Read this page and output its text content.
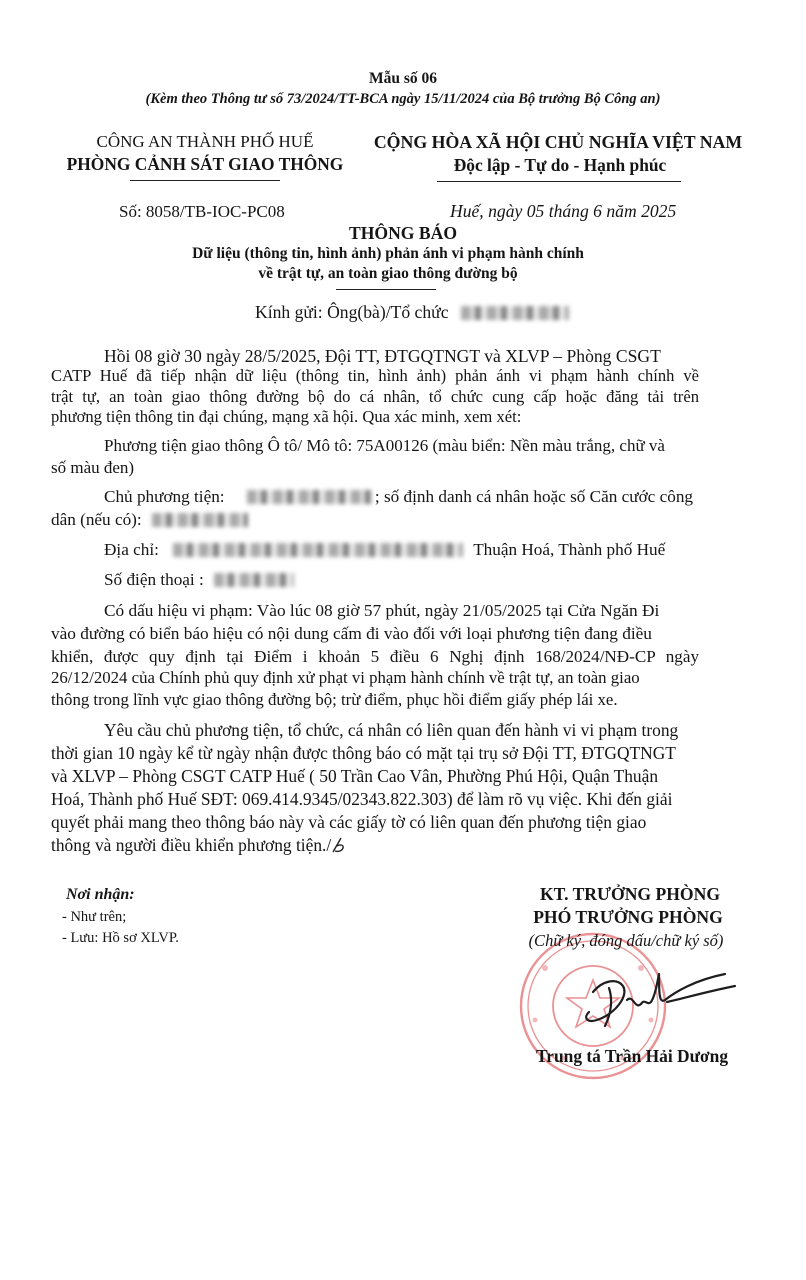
Mẫu số 06
(Kèm theo Thông tư số 73/2024/TT-BCA ngày 15/11/2024 của Bộ trưởng Bộ Công an)
CÔNG AN THÀNH PHỐ HUẾ
PHÒNG CẢNH SÁT GIAO THÔNG
CỘNG HÒA XÃ HỘI CHỦ NGHĨA VIỆT NAM
Độc lập - Tự do - Hạnh phúc
Số: 8058/TB-IOC-PC08	Huế, ngày 05 tháng 6 năm 2025
THÔNG BÁO
Dữ liệu (thông tin, hình ảnh) phản ánh vi phạm hành chính
về trật tự, an toàn giao thông đường bộ
Kính gửi: Ông(bà)/Tổ chức
Hồi 08 giờ 30 ngày 28/5/2025, Đội TT, ĐTGQTNGT và XLVP – Phòng CSGT
CATP Huế đã tiếp nhận dữ liệu (thông tin, hình ảnh) phản ánh vi phạm hành chính về
trật tự, an toàn giao thông đường bộ do cá nhân, tổ chức cung cấp hoặc đăng tải trên
phương tiện thông tin đại chúng, mạng xã hội. Qua xác minh, xem xét:
Phương tiện giao thông Ô tô/ Mô tô: 75A00126 (màu biển: Nền màu trắng, chữ và
số màu đen)
Chủ phương tiện:	; số định danh cá nhân hoặc số Căn cước công
dân (nếu có):
Địa chỉ:	Thuận Hoá, Thành phố Huế
Số điện thoại :
Có dấu hiệu vi phạm: Vào lúc 08 giờ 57 phút, ngày 21/05/2025 tại Cửa Ngăn Đi
vào đường có biển báo hiệu có nội dung cấm đi vào đối với loại phương tiện đang điều
khiển, được quy định tại Điểm i khoản 5 điều 6 Nghị định 168/2024/NĐ-CP ngày
26/12/2024 của Chính phủ quy định xử phạt vi phạm hành chính về trật tự, an toàn giao
thông trong lĩnh vực giao thông đường bộ; trừ điểm, phục hồi điểm giấy phép lái xe.
Yêu cầu chủ phương tiện, tổ chức, cá nhân có liên quan đến hành vi vi phạm trong
thời gian 10 ngày kể từ ngày nhận được thông báo có mặt tại trụ sở Đội TT, ĐTGQTNGT
và XLVP – Phòng CSGT CATP Huế ( 50 Trần Cao Vân, Phường Phú Hội, Quận Thuận
Hoá, Thành phố Huế SĐT: 069.414.9345/02343.822.303) để làm rõ vụ việc. Khi đến giải
quyết phải mang theo thông báo này và các giấy tờ có liên quan đến phương tiện giao
thông và người điều khiển phương tiện./
Nơi nhận:
- Như trên;
- Lưu: Hồ sơ XLVP.
KT. TRƯỞNG PHÒNG
PHÓ TRƯỞNG PHÒNG
(Chữ ký, đóng dấu/chữ ký số)
Trung tá Trần Hải Dương
